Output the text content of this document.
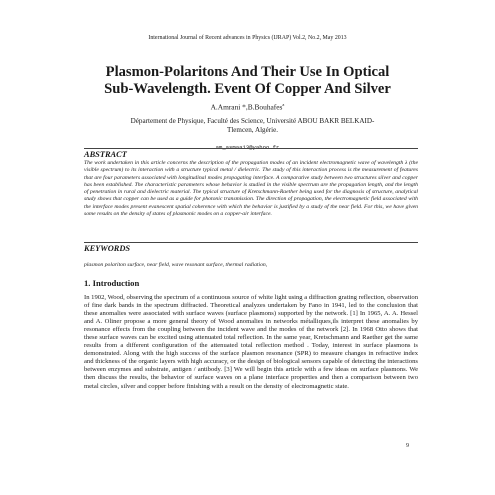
International Journal of Recent advances in Physics (IJRAP) Vol.2, No.2, May 2013
Plasmon-Polaritons And Their Use In Optical
Sub-Wavelength. Event Of Copper And Silver
A.Amrani *,B.Bouhafes$^a$
Département de Physique, Faculté des Science, Université ABOU BAKR BELKAID-Tlemcen, Algérie.
am_asmaa13@yahoo.fr
ABSTRACT
The work undertaken in this article concerns the description of the propagation modes of an incident electromagnetic wave of wavelength λ (the visible spectrum) to its interaction with a structure typical metal / dielectric. The study of this interaction process is the measurement of features that are four parameters associated with longitudinal modes propagating interface. A comparative study between two structures silver and copper has been established. The characteristic parameters whose behavior is studied in the visible spectrum are the propagation length, and the length of penetration in rural and dielectric material. The typical structure of Kretschmann-Raether being used for the diagnosis of structure, analytical study shows that copper can be used as a guide for photonic transmission. The direction of propagation, the electromagnetic field associated with the interface modes present evanescent spatial coherence with which the behavior is justified by a study of the near field. For this, we have given some results on the density of states of plasmonic modes on a copper-air interface.
KEYWORDS
plasmon polariton surface, near field, wave resonant surface, thermal radiation,
1. Introduction
In 1902, Wood, observing the spectrum of a continuous source of white light using a diffraction grating reflection, observation of fine dark bands in the spectrum diffracted. Theoretical analyzes undertaken by Fano in 1941, led to the conclusion that these anomalies were associated with surface waves (surface plasmons) supported by the network. [1] In 1965, A. A. Hessel and A. Oliner propose a more general theory of Wood anomalies in networks métalliques,ils interpret these anomalies by resonance effects from the coupling between the incident wave and the modes of the network [2]. In 1968 Otto shows that these surface waves can be excited using attenuated total reflection. In the same year, Kretschmann and Raether get the same results from a different configuration of the attenuated total reflection method . Today, interest in surface plasmons is demonstrated. Along with the high success of the surface plasmon resonance (SPR) to measure changes in refractive index and thickness of the organic layers with high accuracy, or the design of biological sensors capable of detecting the interactions between enzymes and substrate, antigen / antibody. [3] We will begin this article with a few ideas on surface plasmons. We then discuss the results, the behavior of surface waves on a plane interface properties and then a comparison between two metal circles, silver and copper before finishing with a result on the density of electromagnetic state.
9
